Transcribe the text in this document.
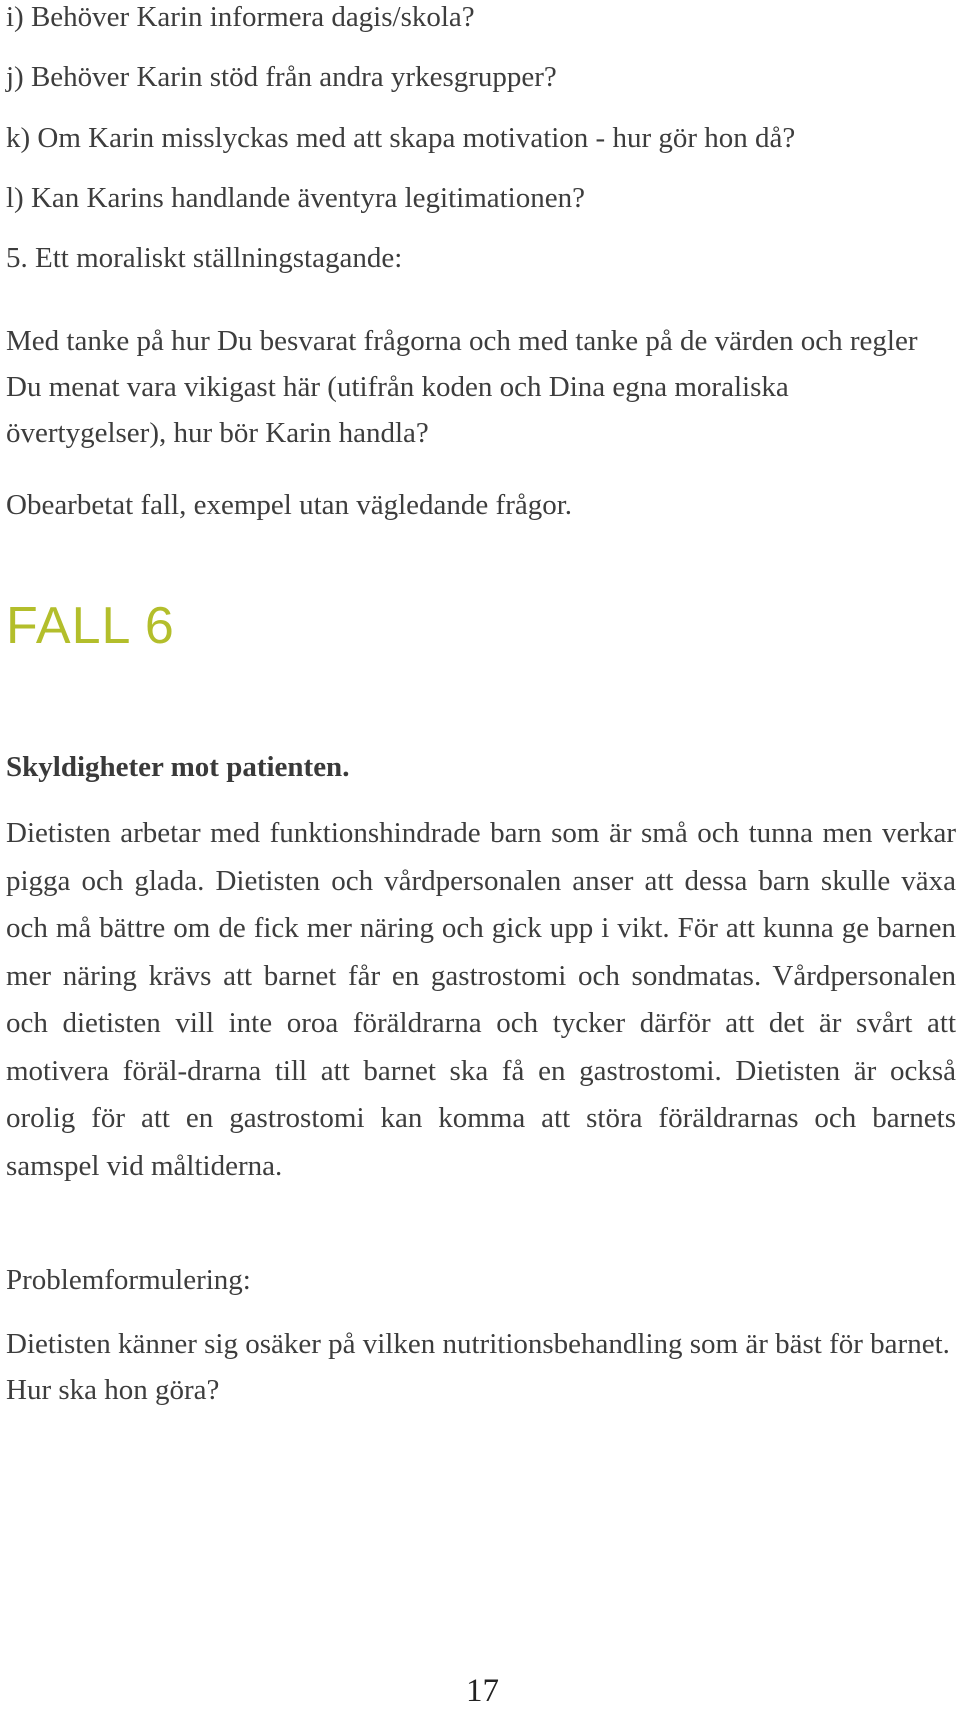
i) Behöver Karin informera dagis/skola?

j) Behöver Karin stöd från andra yrkesgrupper?

k) Om Karin misslyckas med att skapa motivation - hur gör hon då?

l) Kan Karins handlande äventyra legitimationen?

5. Ett moraliskt ställningstagande:

Med tanke på hur Du besvarat frågorna och med tanke på de värden och regler Du menat vara vikigast här (utifrån koden och Dina egna moraliska övertygelser), hur bör Karin handla?

Obearbetat fall, exempel utan vägledande frågor.

FALL 6
Skyldigheter mot patienten.

Dietisten arbetar med funktionshindrade barn som är små och tunna men verkar pigga och glada. Dietisten och vårdpersonalen anser att dessa barn skulle växa och må bättre om de fick mer näring och gick upp i vikt. För att kunna ge barnen mer näring krävs att barnet får en gastrostomi och sondmatas. Vårdpersonalen och dietisten vill inte oroa föräldrarna och tycker därför att det är svårt att motivera föräl-drarna till att barnet ska få en gastrostomi. Dietisten är också orolig för att en gastrostomi kan komma att störa föräldrarnas och barnets samspel vid måltiderna.

Problemformulering:

Dietisten känner sig osäker på vilken nutritionsbehandling som är bäst för barnet. Hur ska hon göra?

17
